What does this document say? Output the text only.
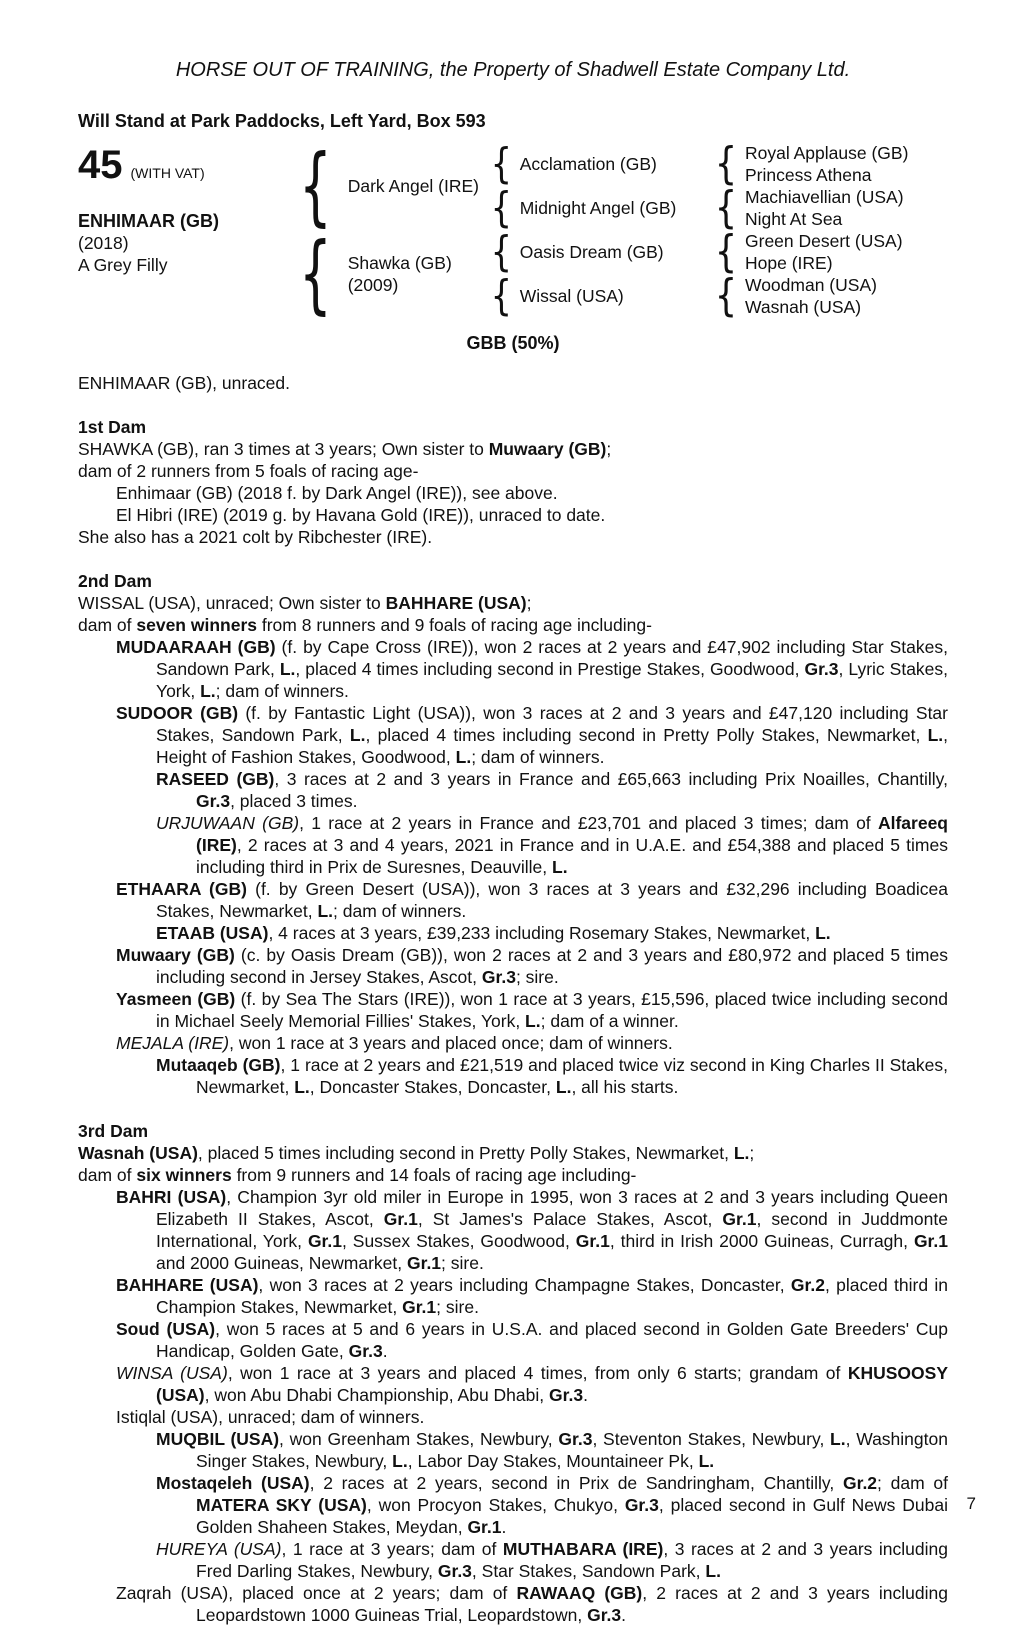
HORSE OUT OF TRAINING, the Property of Shadwell Estate Company Ltd.
Will Stand at Park Paddocks, Left Yard, Box 593
45 (WITH VAT)
ENHIMAAR (GB)
(2018)
A Grey Filly
{ Dark Angel (IRE)
{ Shawka (GB)
(2009)
{ Acclamation (GB)
{ Midnight Angel (GB)
{ Oasis Dream (GB)
{ Wissal (USA)
{ Royal Applause (GB)
Princess Athena
{ Machiavellian (USA)
Night At Sea
{ Green Desert (USA)
Hope (IRE)
{ Woodman (USA)
Wasnah (USA)
GBB (50%)
ENHIMAAR (GB), unraced.
1st Dam
SHAWKA (GB), ran 3 times at 3 years; Own sister to Muwaary (GB);
dam of 2 runners from 5 foals of racing age-
Enhimaar (GB) (2018 f. by Dark Angel (IRE)), see above.
El Hibri (IRE) (2019 g. by Havana Gold (IRE)), unraced to date.
She also has a 2021 colt by Ribchester (IRE).
2nd Dam
WISSAL (USA), unraced; Own sister to BAHHARE (USA);
dam of seven winners from 8 runners and 9 foals of racing age including-
MUDAARAAH (GB) (f. by Cape Cross (IRE)), won 2 races at 2 years and £47,902 including Star Stakes, Sandown Park, L., placed 4 times including second in Prestige Stakes, Goodwood, Gr.3, Lyric Stakes, York, L.; dam of winners.
SUDOOR (GB) (f. by Fantastic Light (USA)), won 3 races at 2 and 3 years and £47,120 including Star Stakes, Sandown Park, L., placed 4 times including second in Pretty Polly Stakes, Newmarket, L., Height of Fashion Stakes, Goodwood, L.; dam of winners.
RASEED (GB), 3 races at 2 and 3 years in France and £65,663 including Prix Noailles, Chantilly, Gr.3, placed 3 times.
URJUWAAN (GB), 1 race at 2 years in France and £23,701 and placed 3 times; dam of Alfareeq (IRE), 2 races at 3 and 4 years, 2021 in France and in U.A.E. and £54,388 and placed 5 times including third in Prix de Suresnes, Deauville, L.
ETHAARA (GB) (f. by Green Desert (USA)), won 3 races at 3 years and £32,296 including Boadicea Stakes, Newmarket, L.; dam of winners.
ETAAB (USA), 4 races at 3 years, £39,233 including Rosemary Stakes, Newmarket, L.
Muwaary (GB) (c. by Oasis Dream (GB)), won 2 races at 2 and 3 years and £80,972 and placed 5 times including second in Jersey Stakes, Ascot, Gr.3; sire.
Yasmeen (GB) (f. by Sea The Stars (IRE)), won 1 race at 3 years, £15,596, placed twice including second in Michael Seely Memorial Fillies' Stakes, York, L.; dam of a winner.
MEJALA (IRE), won 1 race at 3 years and placed once; dam of winners.
Mutaaqeb (GB), 1 race at 2 years and £21,519 and placed twice viz second in King Charles II Stakes, Newmarket, L., Doncaster Stakes, Doncaster, L., all his starts.
3rd Dam
Wasnah (USA), placed 5 times including second in Pretty Polly Stakes, Newmarket, L.;
dam of six winners from 9 runners and 14 foals of racing age including-
BAHRI (USA), Champion 3yr old miler in Europe in 1995, won 3 races at 2 and 3 years including Queen Elizabeth II Stakes, Ascot, Gr.1, St James's Palace Stakes, Ascot, Gr.1, second in Juddmonte International, York, Gr.1, Sussex Stakes, Goodwood, Gr.1, third in Irish 2000 Guineas, Curragh, Gr.1 and 2000 Guineas, Newmarket, Gr.1; sire.
BAHHARE (USA), won 3 races at 2 years including Champagne Stakes, Doncaster, Gr.2, placed third in Champion Stakes, Newmarket, Gr.1; sire.
Soud (USA), won 5 races at 5 and 6 years in U.S.A. and placed second in Golden Gate Breeders' Cup Handicap, Golden Gate, Gr.3.
WINSA (USA), won 1 race at 3 years and placed 4 times, from only 6 starts; grandam of KHUSOOSY (USA), won Abu Dhabi Championship, Abu Dhabi, Gr.3.
Istiqlal (USA), unraced; dam of winners.
MUQBIL (USA), won Greenham Stakes, Newbury, Gr.3, Steventon Stakes, Newbury, L., Washington Singer Stakes, Newbury, L., Labor Day Stakes, Mountaineer Pk, L.
Mostaqeleh (USA), 2 races at 2 years, second in Prix de Sandringham, Chantilly, Gr.2; dam of MATERA SKY (USA), won Procyon Stakes, Chukyo, Gr.3, placed second in Gulf News Dubai Golden Shaheen Stakes, Meydan, Gr.1.
HUREYA (USA), 1 race at 3 years; dam of MUTHABARA (IRE), 3 races at 2 and 3 years including Fred Darling Stakes, Newbury, Gr.3, Star Stakes, Sandown Park, L.
Zaqrah (USA), placed once at 2 years; dam of RAWAAQ (GB), 2 races at 2 and 3 years including Leopardstown 1000 Guineas Trial, Leopardstown, Gr.3.
7
